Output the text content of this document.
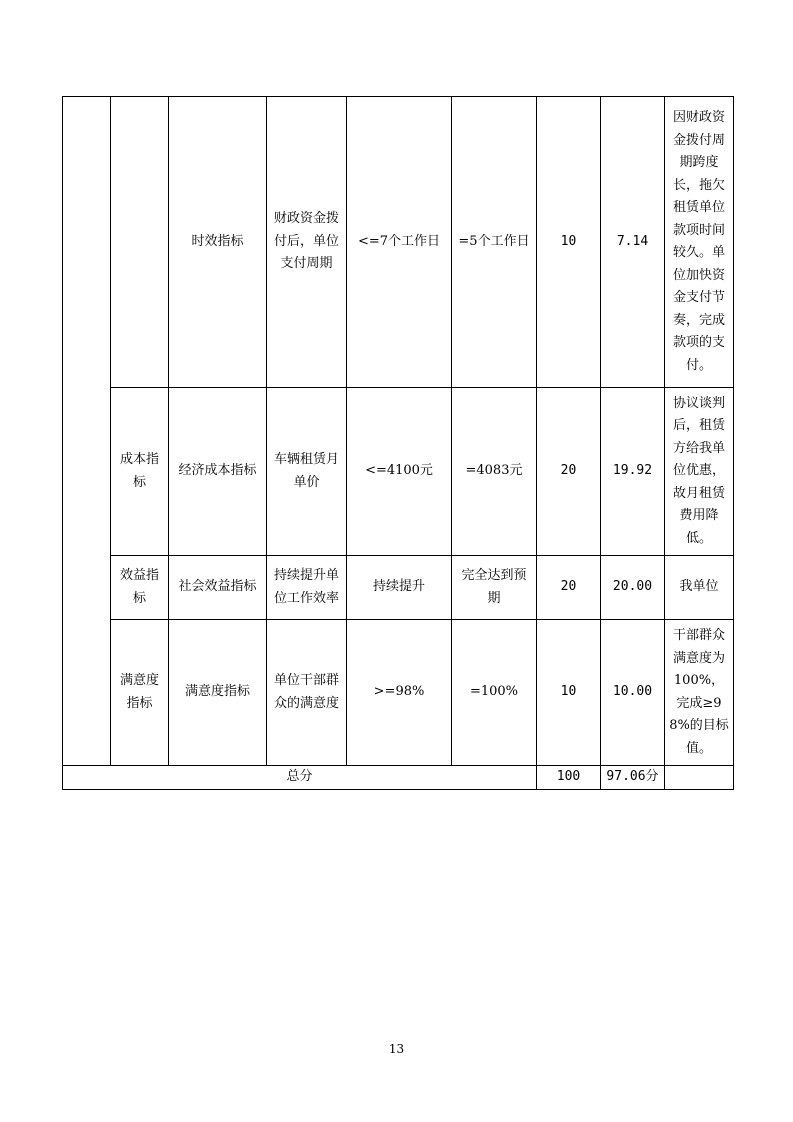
		时效指标	财政资金拨付后，单位支付周期	<=7个工作日	=5个工作日	10	7.14	因财政资金拨付周期跨度长，拖欠租赁单位款项时间较久。单位加快资金支付节奏，完成款项的支付。
	成本指标	经济成本指标	车辆租赁月单价	<=4100元	=4083元	20	19.92	协议谈判后，租赁方给我单位优惠，故月租赁费用降低。
	效益指标	社会效益指标	持续提升单位工作效率	持续提升	完全达到预期	20	20.00	我单位
	满意度指标	满意度指标	单位干部群众的满意度	>=98%	=100%	10	10.00	干部群众满意度为100%，完成≥98%的目标值。
总分						100	97.06分	
13
